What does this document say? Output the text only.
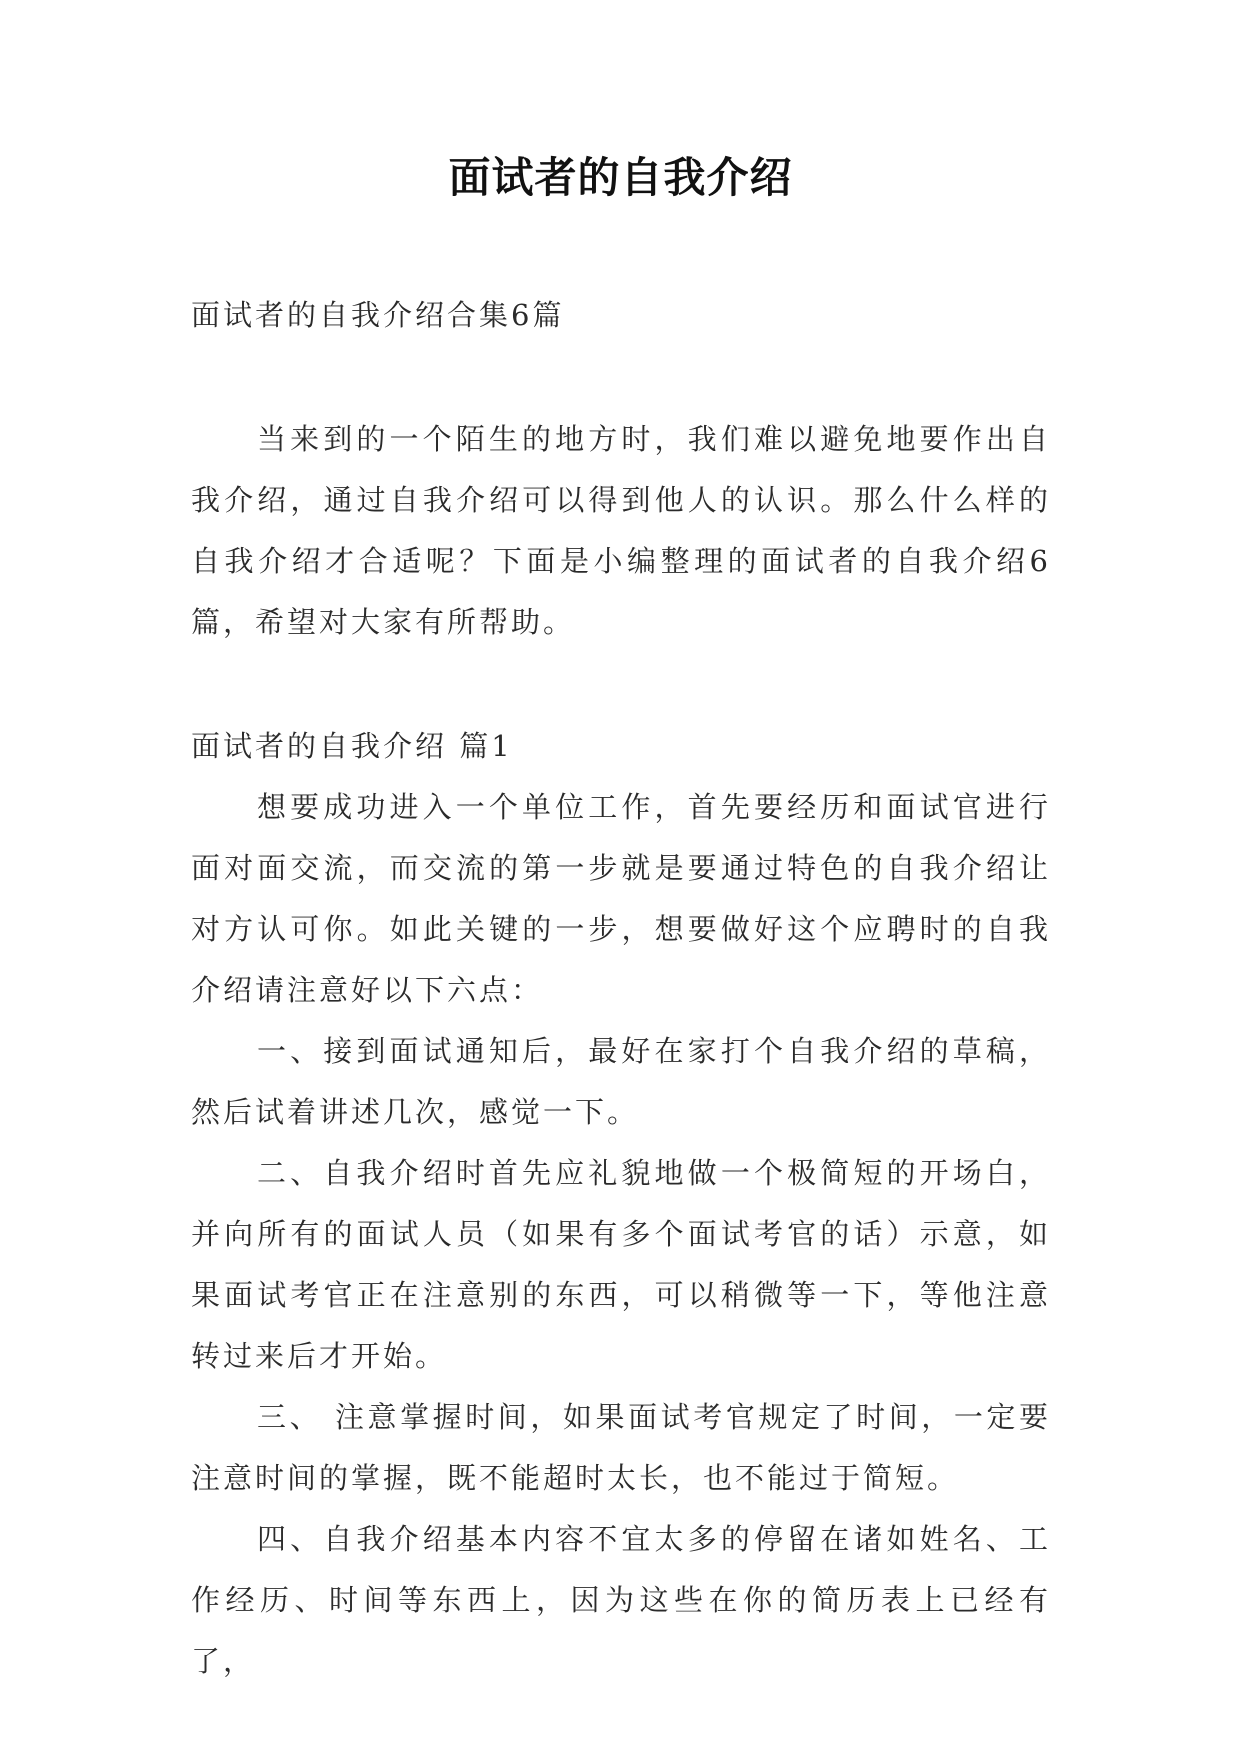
面试者的自我介绍

面试者的自我介绍合集6篇

当来到的一个陌生的地方时，我们难以避免地要作出自我介绍，通过自我介绍可以得到他人的认识。那么什么样的自我介绍才合适呢？下面是小编整理的面试者的自我介绍6篇，希望对大家有所帮助。

面试者的自我介绍 篇1

想要成功进入一个单位工作，首先要经历和面试官进行面对面交流，而交流的第一步就是要通过特色的自我介绍让对方认可你。如此关键的一步，想要做好这个应聘时的自我介绍请注意好以下六点：

一、接到面试通知后，最好在家打个自我介绍的草稿，然后试着讲述几次，感觉一下。

二、自我介绍时首先应礼貌地做一个极简短的开场白，并向所有的面试人员（如果有多个面试考官的话）示意，如果面试考官正在注意别的东西，可以稍微等一下，等他注意转过来后才开始。

三、 注意掌握时间，如果面试考官规定了时间，一定要注意时间的掌握，既不能超时太长，也不能过于简短。

四、自我介绍基本内容不宜太多的停留在诸如姓名、工作经历、时间等东西上，因为这些在你的简历表上已经有了，
